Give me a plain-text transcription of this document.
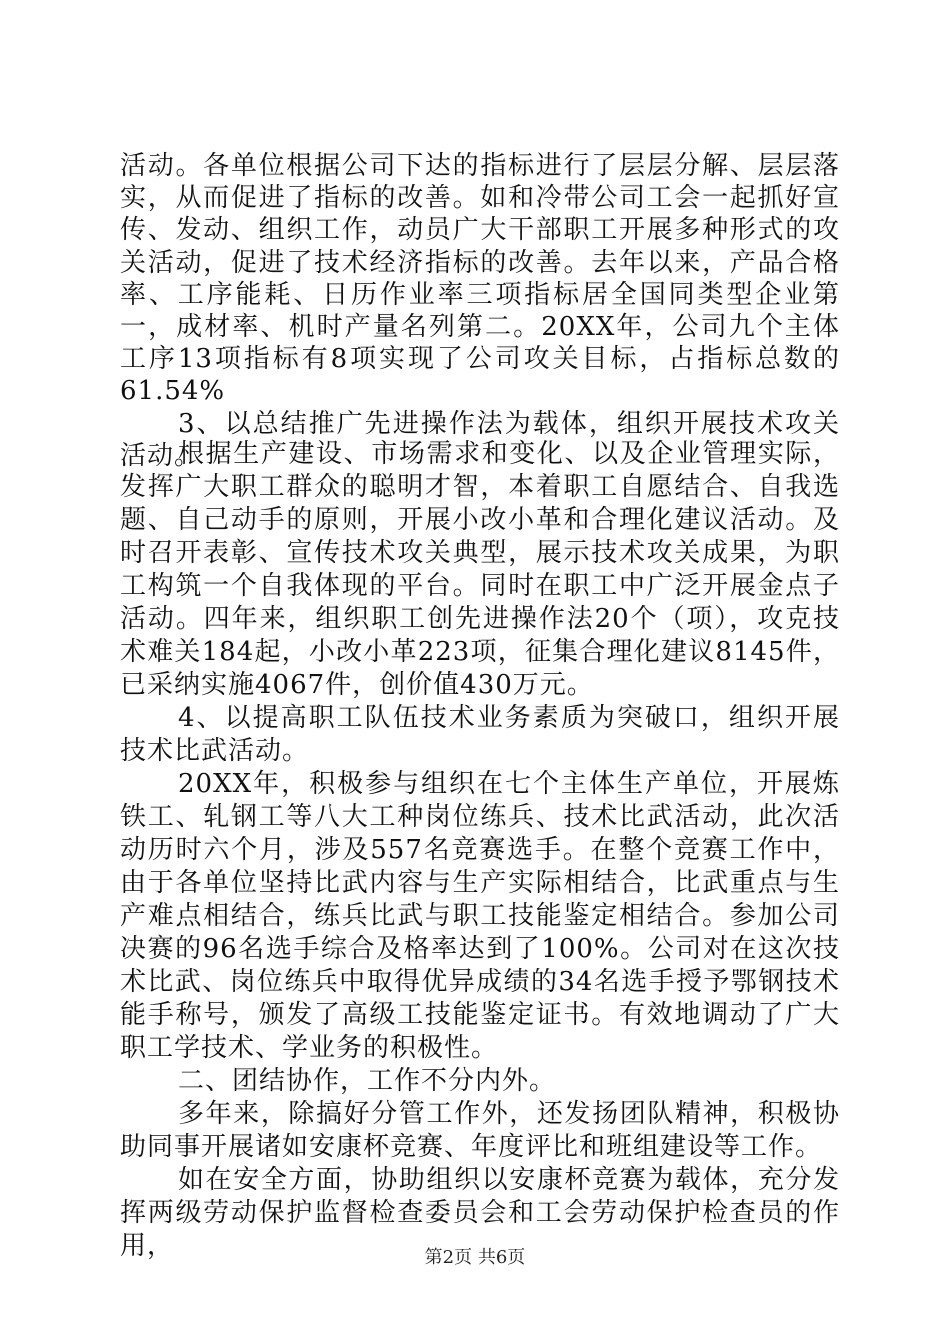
活动。各单位根据公司下达的指标进行了层层分解、层层落实，从而促进了指标的改善。如和冷带公司工会一起抓好宣传、发动、组织工作，动员广大干部职工开展多种形式的攻关活动，促进了技术经济指标的改善。去年以来，产品合格率、工序能耗、日历作业率三项指标居全国同类型企业第一，成材率、机时产量名列第二。20XX年，公司九个主体工序13项指标有8项实现了公司攻关目标，占指标总数的61.54%

3、以总结推广先进操作法为载体，组织开展技术攻关活动。

根据生产建设、市场需求和变化、以及企业管理实际，发挥广大职工群众的聪明才智，本着职工自愿结合、自我选题、自己动手的原则，开展小改小革和合理化建议活动。及时召开表彰、宣传技术攻关典型，展示技术攻关成果，为职工构筑一个自我体现的平台。同时在职工中广泛开展金点子活动。四年来，组织职工创先进操作法20个（项），攻克技术难关184起，小改小革223项，征集合理化建议8145件，已采纳实施4067件，创价值430万元。

4、以提高职工队伍技术业务素质为突破口，组织开展技术比武活动。

20XX年，积极参与组织在七个主体生产单位，开展炼铁工、轧钢工等八大工种岗位练兵、技术比武活动，此次活动历时六个月，涉及557名竞赛选手。在整个竞赛工作中，由于各单位坚持比武内容与生产实际相结合，比武重点与生产难点相结合，练兵比武与职工技能鉴定相结合。参加公司决赛的96名选手综合及格率达到了100%。公司对在这次技术比武、岗位练兵中取得优异成绩的34名选手授予鄂钢技术能手称号，颁发了高级工技能鉴定证书。有效地调动了广大职工学技术、学业务的积极性。

二、团结协作，工作不分内外。

多年来，除搞好分管工作外，还发扬团队精神，积极协助同事开展诸如安康杯竞赛、年度评比和班组建设等工作。

如在安全方面，协助组织以安康杯竞赛为载体，充分发挥两级劳动保护监督检查委员会和工会劳动保护检查员的作用，	第2页 共6页
